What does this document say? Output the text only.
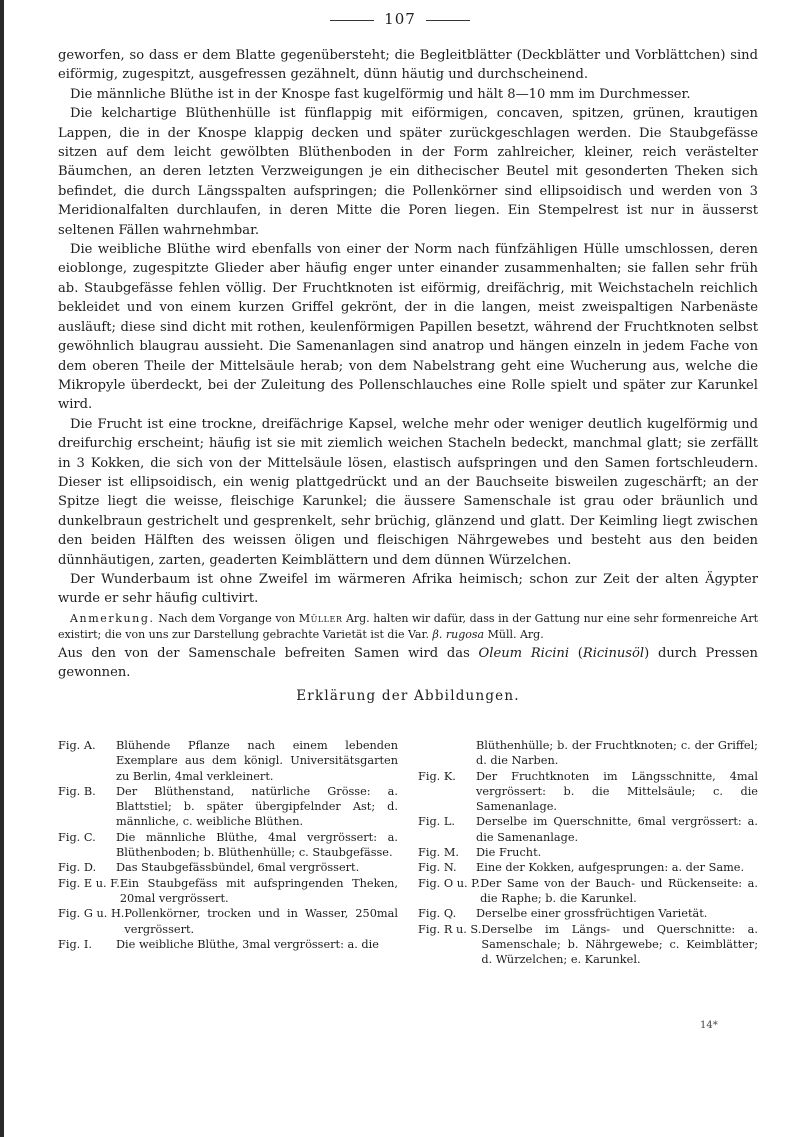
107

geworfen, so dass er dem Blatte gegenübersteht; die Begleitblätter (Deckblätter und Vorblättchen) sind eiförmig, zugespitzt, ausgefressen gezähnelt, dünn häutig und durchscheinend.

Die männliche Blüthe ist in der Knospe fast kugelförmig und hält 8—10 mm im Durchmesser.

Die kelchartige Blüthenhülle ist fünflappig mit eiförmigen, concaven, spitzen, grünen, krautigen Lappen, die in der Knospe klappig decken und später zurückgeschlagen werden. Die Staubgefässe sitzen auf dem leicht gewölbten Blüthenboden in der Form zahlreicher, kleiner, reich verästelter Bäumchen, an deren letzten Verzweigungen je ein dithecischer Beutel mit gesonderten Theken sich befindet, die durch Längsspalten aufspringen; die Pollenkörner sind ellipsoidisch und werden von 3 Meridionalfalten durchlaufen, in deren Mitte die Poren liegen. Ein Stempelrest ist nur in äusserst seltenen Fällen wahrnehmbar.

Die weibliche Blüthe wird ebenfalls von einer der Norm nach fünfzähligen Hülle umschlossen, deren eioblonge, zugespitzte Glieder aber häufig enger unter einander zusammenhalten; sie fallen sehr früh ab. Staubgefässe fehlen völlig. Der Fruchtknoten ist eiförmig, dreifächrig, mit Weichstacheln reichlich bekleidet und von einem kurzen Griffel gekrönt, der in die langen, meist zweispaltigen Narbenäste ausläuft; diese sind dicht mit rothen, keulenförmigen Papillen besetzt, während der Fruchtknoten selbst gewöhnlich blaugrau aussieht. Die Samenanlagen sind anatrop und hängen einzeln in jedem Fache von dem oberen Theile der Mittelsäule herab; von dem Nabelstrang geht eine Wucherung aus, welche die Mikropyle überdeckt, bei der Zuleitung des Pollenschlauches eine Rolle spielt und später zur Karunkel wird.

Die Frucht ist eine trockne, dreifächrige Kapsel, welche mehr oder weniger deutlich kugelförmig und dreifurchig erscheint; häufig ist sie mit ziemlich weichen Stacheln bedeckt, manchmal glatt; sie zerfällt in 3 Kokken, die sich von der Mittelsäule lösen, elastisch aufspringen und den Samen fortschleudern. Dieser ist ellipsoidisch, ein wenig plattgedrückt und an der Bauchseite bisweilen zugeschärft; an der Spitze liegt die weisse, fleischige Karunkel; die äussere Samenschale ist grau oder bräunlich und dunkelbraun gestrichelt und gesprenkelt, sehr brüchig, glänzend und glatt. Der Keimling liegt zwischen den beiden Hälften des weissen öligen und fleischigen Nährgewebes und besteht aus den beiden dünnhäutigen, zarten, geaderten Keimblättern und dem dünnen Würzelchen.

Der Wunderbaum ist ohne Zweifel im wärmeren Afrika heimisch; schon zur Zeit der alten Ägypter wurde er sehr häufig cultivirt.

Anmerkung. Nach dem Vorgange von Müller Arg. halten wir dafür, dass in der Gattung nur eine sehr formenreiche Art existirt; die von uns zur Darstellung gebrachte Varietät ist die Var. β. rugosa Müll. Arg.

Aus den von der Samenschale befreiten Samen wird das Oleum Ricini (Ricinusöl) durch Pressen gewonnen.

Erklärung der Abbildungen.
Fig. A.	Blühende Pflanze nach einem lebenden Exemplare aus dem königl. Universitätsgarten zu Berlin, 4mal verkleinert.
Fig. B.	Der Blüthenstand, natürliche Grösse: a. Blattstiel; b. später übergipfelnder Ast; d. männliche, c. weibliche Blüthen.
Fig. C.	Die männliche Blüthe, 4mal vergrössert: a. Blüthenboden; b. Blüthenhülle; c. Staubgefässe.
Fig. D.	Das Staubgefässbündel, 6mal vergrössert.
Fig. E u. F. Ein Staubgefäss mit aufspringenden Theken, 20mal vergrössert.
Fig. G u. H. Pollenkörner, trocken und in Wasser, 250mal vergrössert.
Fig. I.	Die weibliche Blüthe, 3mal vergrössert: a. die
Blüthenhülle; b. der Fruchtknoten; c. der Griffel; d. die Narben.
Fig. K.	Der Fruchtknoten im Längsschnitte, 4mal vergrössert: b. die Mittelsäule; c. die Samenanlage.
Fig. L.	Derselbe im Querschnitte, 6mal vergrössert: a. die Samenanlage.
Fig. M.	Die Frucht.
Fig. N.	Eine der Kokken, aufgesprungen: a. der Same.
Fig. O u. P. Der Same von der Bauch- und Rückenseite: a. die Raphe; b. die Karunkel.
Fig. Q.	Derselbe einer grossfrüchtigen Varietät.
Fig. R u. S. Derselbe im Längs- und Querschnitte: a. Samenschale; b. Nährgewebe; c. Keimblätter; d. Würzelchen; e. Karunkel.
14*
